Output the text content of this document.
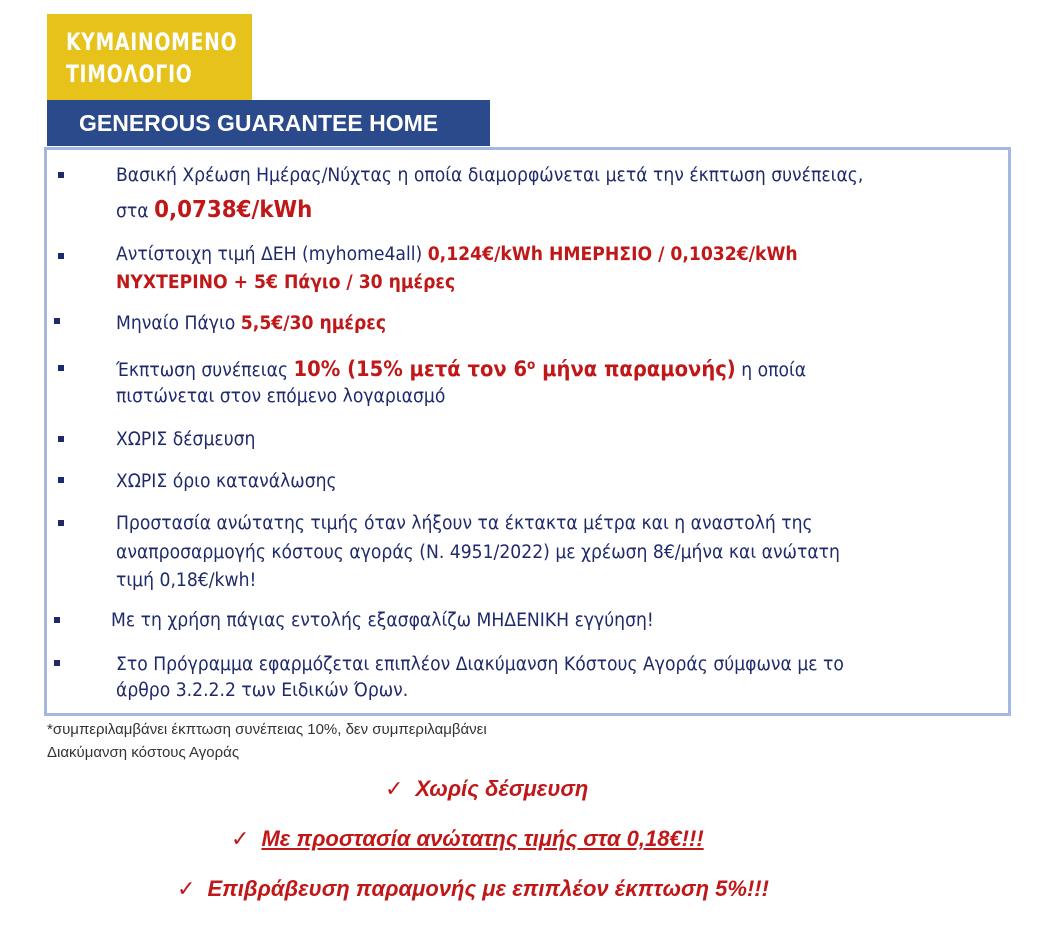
ΚΥΜΑΙΝΟΜΕΝΟ
ΤΙΜΟΛΟΓΙΟ
GENEROUS GUARANTEE HOME
Βασική Χρέωση Ημέρας/Νύχτας η οποία διαμορφώνεται μετά την έκπτωση συνέπειας,
στα 0,0738€/kWh
Αντίστοιχη τιμή ΔΕΗ (myhome4all) 0,124€/kWh ΗΜΕΡΗΣΙΟ / 0,1032€/kWh
ΝΥΧΤΕΡΙΝΟ + 5€ Πάγιο / 30 ημέρες
Μηναίο Πάγιο 5,5€/30 ημέρες
Έκπτωση συνέπειας 10% (15% μετά τον $6^o$ μήνα παραμονής) η οποία
πιστώνεται στον επόμενο λογαριασμό
ΧΩΡΙΣ δέσμευση
ΧΩΡΙΣ όριο κατανάλωσης
Προστασία ανώτατης τιμής όταν λήξουν τα έκτακτα μέτρα και η αναστολή της
αναπροσαρμογής κόστους αγοράς (Ν. 4951/2022) με χρέωση 8€/μήνα και ανώτατη
τιμή 0,18€/kwh!
Με τη χρήση πάγιας εντολής εξασφαλίζω ΜΗΔΕΝΙΚΗ εγγύηση!
Στο Πρόγραμμα εφαρμόζεται επιπλέον Διακύμανση Κόστους Αγοράς σύμφωνα με το
άρθρο 3.2.2.2 των Ειδικών Όρων.
*συμπεριλαμβάνει έκπτωση συνέπειας 10%, δεν συμπεριλαμβάνει
Διακύμανση κόστους Αγοράς
✓ Χωρίς δέσμευση
✓ Με προστασία ανώτατης τιμής στα 0,18€!!!
✓ Επιβράβευση παραμονής με επιπλέον έκπτωση 5%!!!
